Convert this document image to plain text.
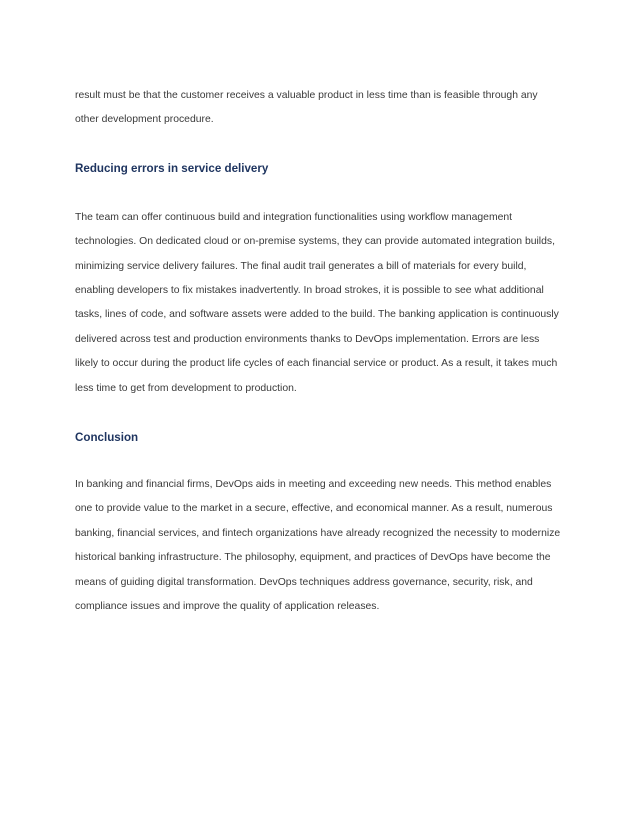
result must be that the customer receives a valuable product in less time than is feasible through any
other development procedure.

Reducing errors in service delivery

The team can offer continuous build and integration functionalities using workflow management
technologies. On dedicated cloud or on-premise systems, they can provide automated integration builds,
minimizing service delivery failures. The final audit trail generates a bill of materials for every build,
enabling developers to fix mistakes inadvertently. In broad strokes, it is possible to see what additional
tasks, lines of code, and software assets were added to the build. The banking application is continuously
delivered across test and production environments thanks to DevOps implementation. Errors are less
likely to occur during the product life cycles of each financial service or product. As a result, it takes much
less time to get from development to production.

Conclusion

In banking and financial firms, DevOps aids in meeting and exceeding new needs. This method enables
one to provide value to the market in a secure, effective, and economical manner. As a result, numerous
banking, financial services, and fintech organizations have already recognized the necessity to modernize
historical banking infrastructure. The philosophy, equipment, and practices of DevOps have become the
means of guiding digital transformation. DevOps techniques address governance, security, risk, and
compliance issues and improve the quality of application releases.
